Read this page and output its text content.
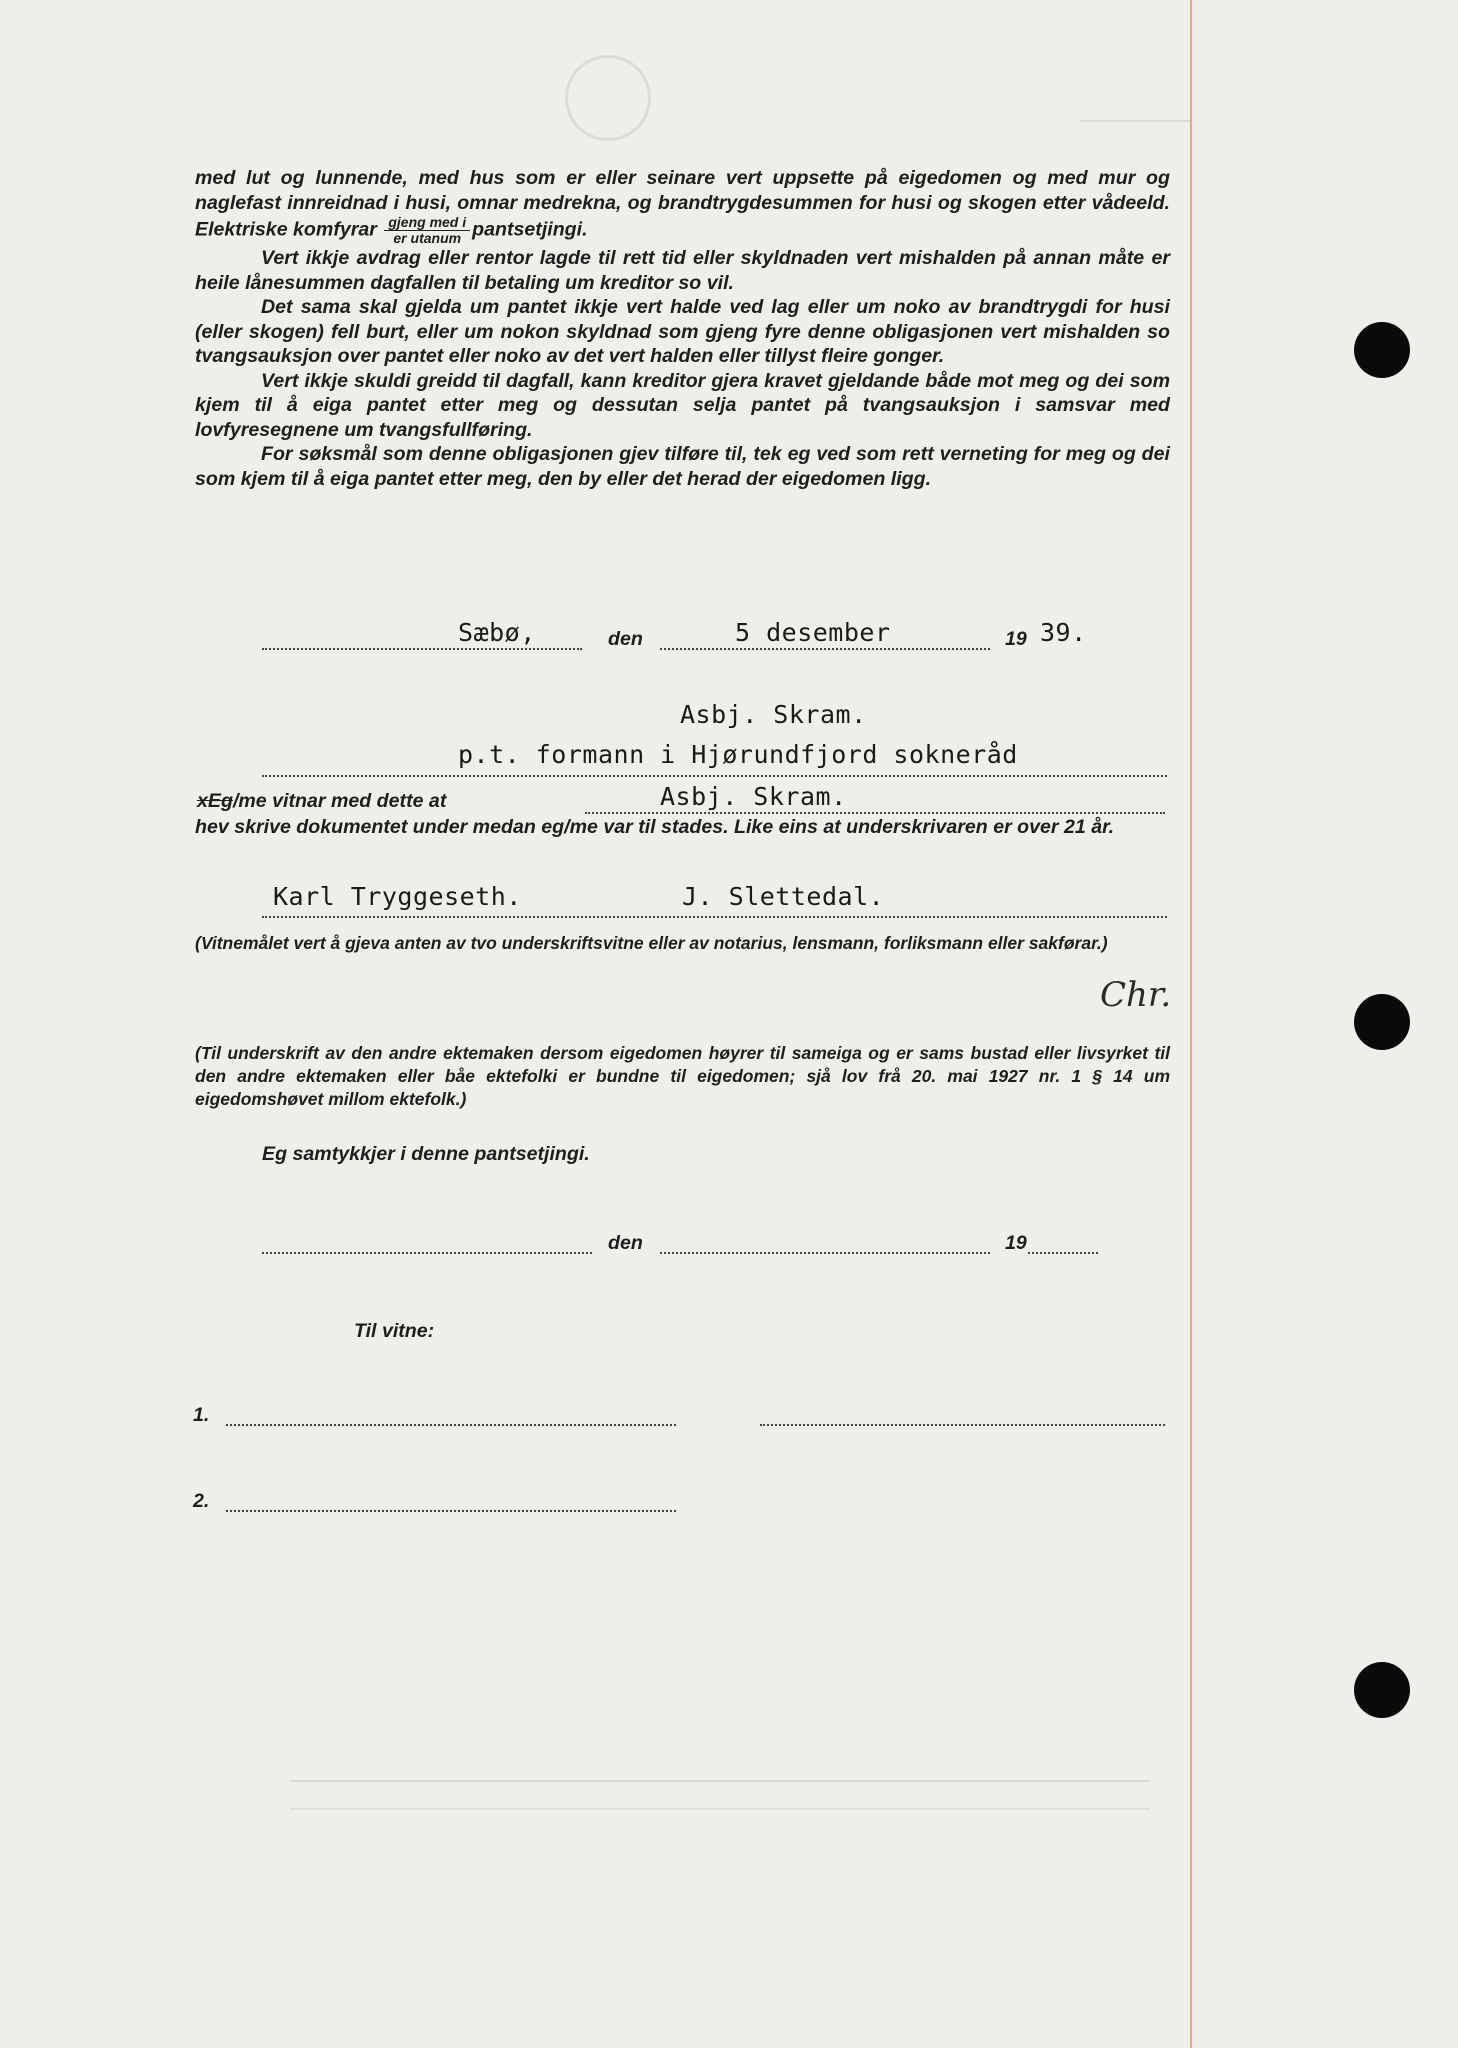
med lut og lunnende, med hus som er eller seinare vert uppsette på eigedomen og med mur og naglefast innreidnad i husi, omnar medrekna, og brandtrygdesummen for husi og skogen etter vådeeld. Elektriske komfyrar $\frac{\text{gjeng med i}}{\text{er utanum}}$ pantsetjingi.

Vert ikkje avdrag eller rentor lagde til rett tid eller skyldnaden vert mishalden på annan måte er heile lånesummen dagfallen til betaling um kreditor so vil.

Det sama skal gjelda um pantet ikkje vert halde ved lag eller um noko av brandtrygdi for husi (eller skogen) fell burt, eller um nokon skyldnad som gjeng fyre denne obligasjonen vert mishalden so tvangsauksjon over pantet eller noko av det vert halden eller tillyst fleire gonger.

Vert ikkje skuldi greidd til dagfall, kann kreditor gjera kravet gjeldande både mot meg og dei som kjem til å eiga pantet etter meg og dessutan selja pantet på tvangsauksjon i samsvar med lovfyresegnene um tvangsfullføring.

For søksmål som denne obligasjonen gjev tilføre til, tek eg ved som rett verneting for meg og dei som kjem til å eiga pantet etter meg, den by eller det herad der eigedomen ligg.

Sæbø,	den	5 desember	19 39.
Asbj. Skram.
p.t. formann i Hjørundfjord sokneråd
xEg/me vitnar med dette at	Asbj. Skram.
hev skrive dokumentet under medan eg/me var til stades. Like eins at underskrivaren er over 21 år.
Karl Tryggeseth.	J. Slettedal.
(Vitnemålet vert å gjeva anten av tvo underskriftsvitne eller av notarius, lensmann, forliksmann eller sakførar.)
Chr.
(Til underskrift av den andre ektemaken dersom eigedomen høyrer til sameiga og er sams bustad eller livsyrket til den andre ektemaken eller båe ektefolki er bundne til eigedomen; sjå lov frå 20. mai 1927 nr. 1 § 14 um eigedomshøvet millom ektefolk.)
Eg samtykkjer i denne pantsetjingi.
den	19
Til vitne:
1.
2.
